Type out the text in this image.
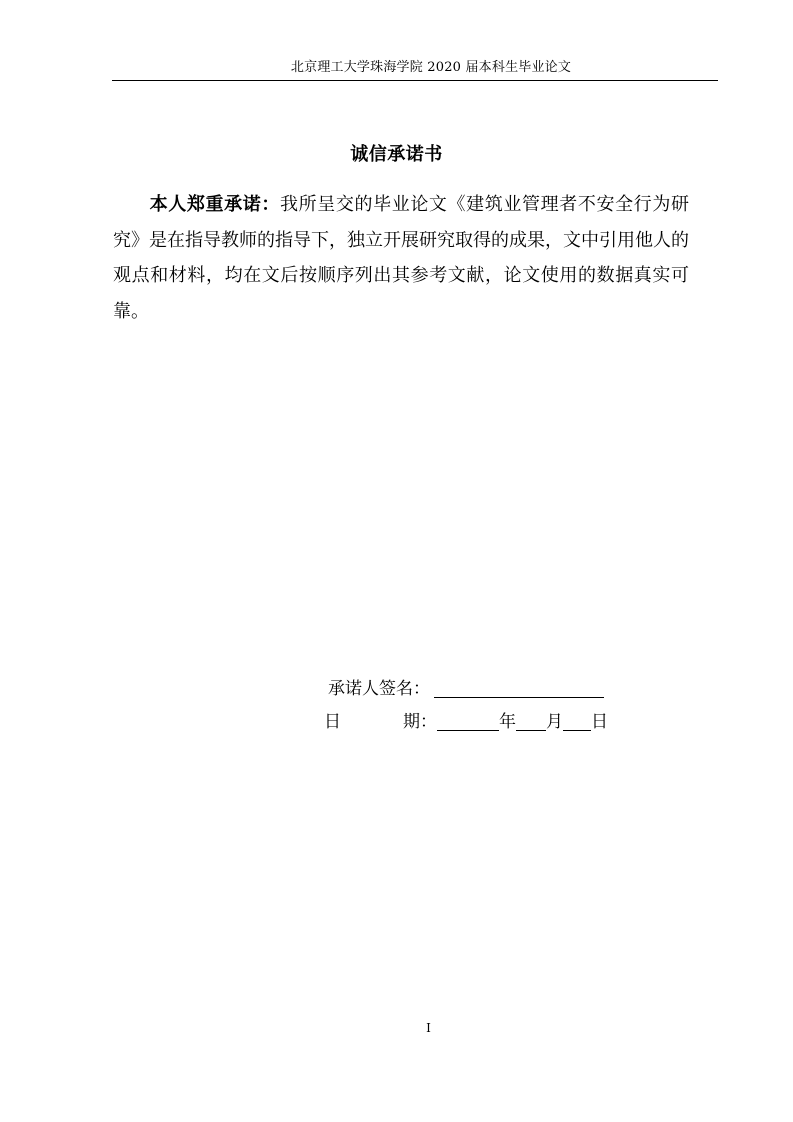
北京理工大学珠海学院 2020 届本科生毕业论文
诚信承诺书
本人郑重承诺：我所呈交的毕业论文《建筑业管理者不安全行为研究》是在指导教师的指导下，独立开展研究取得的成果，文中引用他人的观点和材料，均在文后按顺序列出其参考文献，论文使用的数据真实可靠。
承诺人签名：
日	期：	年 月 日
I
